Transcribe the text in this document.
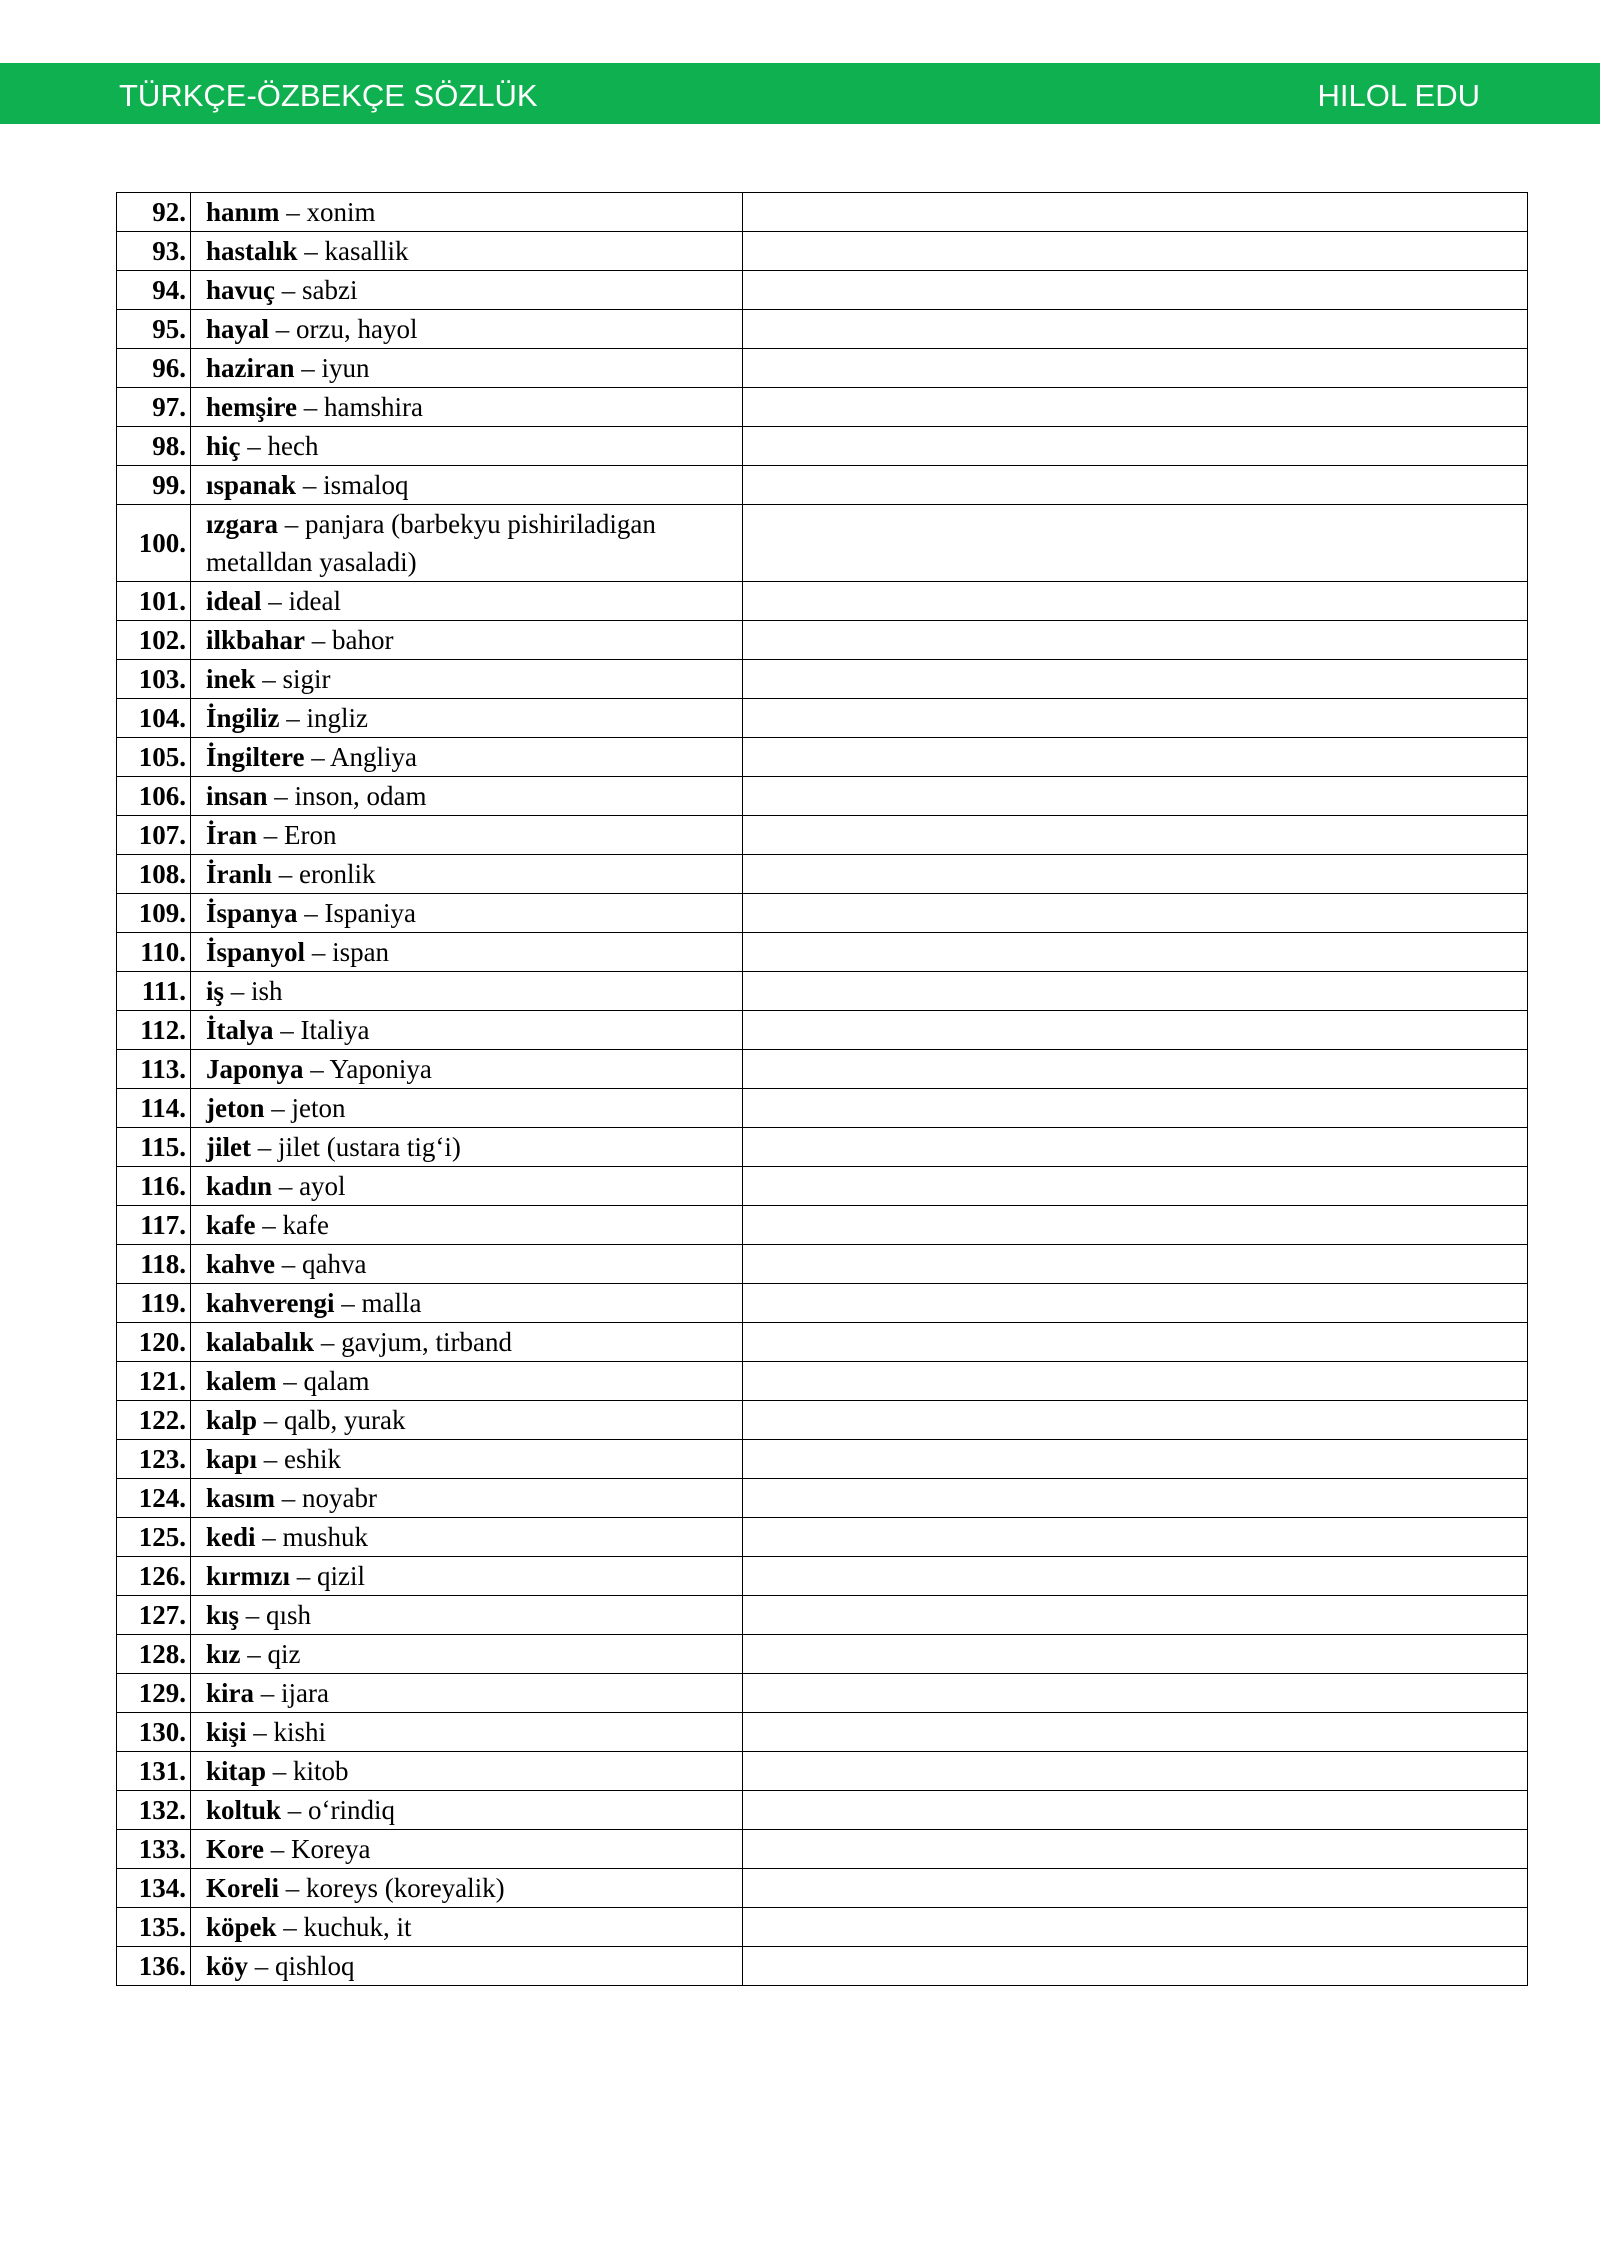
TÜRKÇE-ÖZBEKÇE SÖZLÜK	HILOL EDU
92.	hanım – xonim	
93.	hastalık – kasallik	
94.	havuç – sabzi	
95.	hayal – orzu, hayol	
96.	haziran – iyun	
97.	hemşire – hamshira	
98.	hiç – hech	
99.	ıspanak – ismaloq	
100.	ızgara – panjara (barbekyu pishiriladigan metalldan yasaladi)	
101.	ideal – ideal	
102.	ilkbahar – bahor	
103.	inek – sigir	
104.	İngiliz – ingliz	
105.	İngiltere – Angliya	
106.	insan – inson, odam	
107.	İran – Eron	
108.	İranlı – eronlik	
109.	İspanya – Ispaniya	
110.	İspanyol – ispan	
111.	iş – ish	
112.	İtalya – Italiya	
113.	Japonya – Yaponiya	
114.	jeton – jeton	
115.	jilet – jilet (ustara tig‘i)	
116.	kadın – ayol	
117.	kafe – kafe	
118.	kahve – qahva	
119.	kahverengi – malla	
120.	kalabalık – gavjum, tirband	
121.	kalem – qalam	
122.	kalp – qalb, yurak	
123.	kapı – eshik	
124.	kasım – noyabr	
125.	kedi – mushuk	
126.	kırmızı – qizil	
127.	kış – qısh	
128.	kız – qiz	
129.	kira – ijara	
130.	kişi – kishi	
131.	kitap – kitob	
132.	koltuk – o‘rindiq	
133.	Kore – Koreya	
134.	Koreli – koreys (koreyalik)	
135.	köpek – kuchuk, it	
136.	köy – qishloq	
